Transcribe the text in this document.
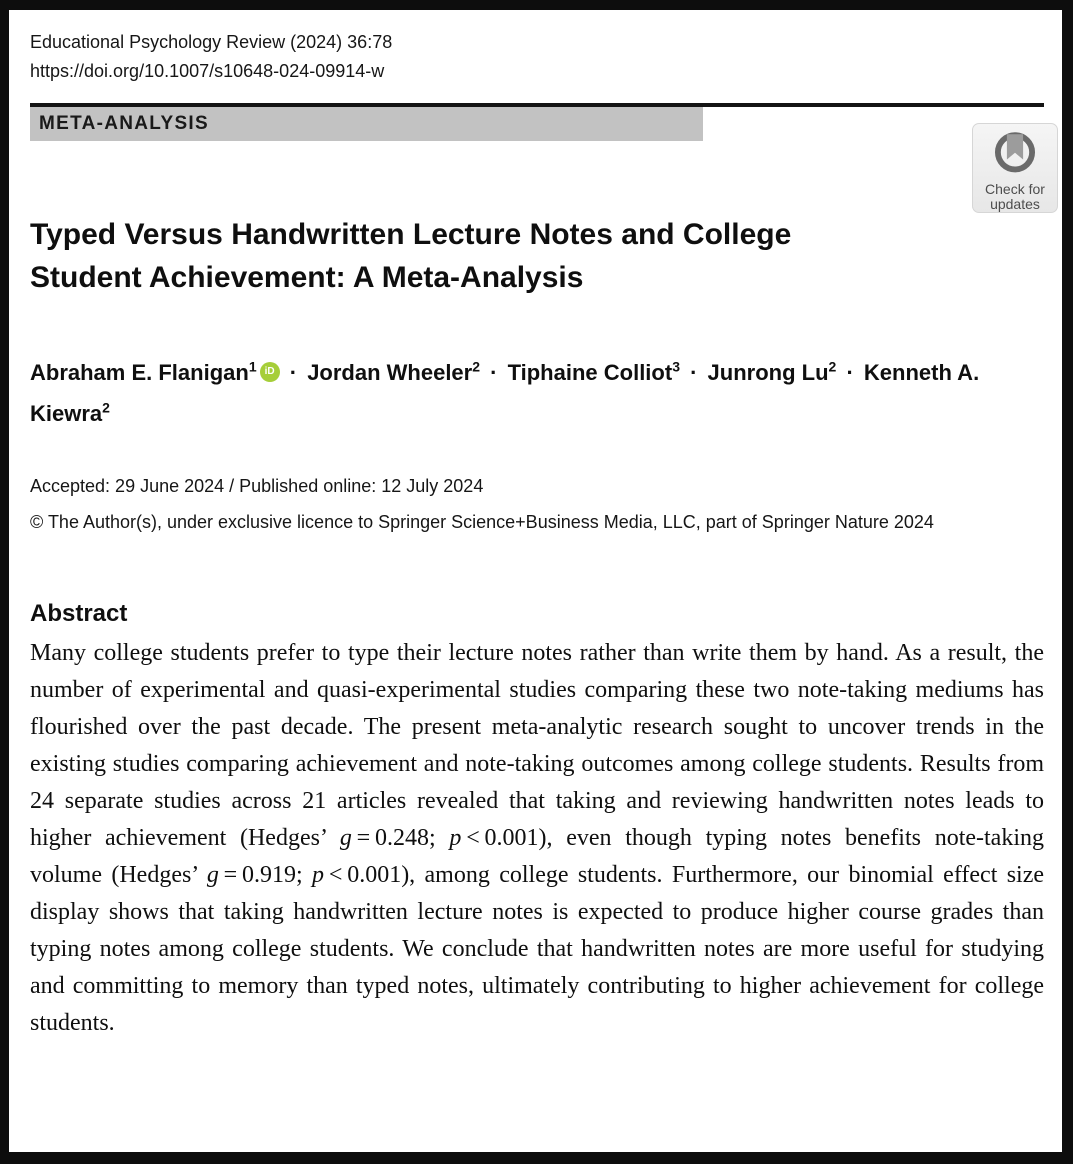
Educational Psychology Review (2024) 36:78
https://doi.org/10.1007/s10648-024-09914-w
META-ANALYSIS
Check for
updates
Typed Versus Handwritten Lecture Notes and College
Student Achievement: A Meta-Analysis
Abraham E. Flanigan$^1$ iD · Jordan Wheeler$^2$ · Tiphaine Colliot$^3$ · Junrong $Lu^2$ · Kenneth A. Kiewra$^2$
Accepted: 29 June 2024 / Published online: 12 July 2024
© The Author(s), under exclusive licence to Springer Science+Business Media, LLC, part of Springer Nature 2024
Abstract

Many college students prefer to type their lecture notes rather than write them by hand. As a result, the number of experimental and quasi-experimental studies comparing these two note-taking mediums has flourished over the past decade. The present meta-analytic research sought to uncover trends in the existing studies comparing achievement and note-taking outcomes among college students. Results from 24 separate studies across 21 articles revealed that taking and reviewing handwritten notes leads to higher achievement (Hedges’ g = 0.248; p < 0.001), even though typing notes benefits note-taking volume (Hedges’ g = 0.919; p < 0.001), among college students. Furthermore, our binomial effect size display shows that taking handwritten lecture notes is expected to produce higher course grades than typing notes among college students. We conclude that handwritten notes are more useful for studying and committing to memory than typed notes, ultimately contributing to higher achievement for college students.
